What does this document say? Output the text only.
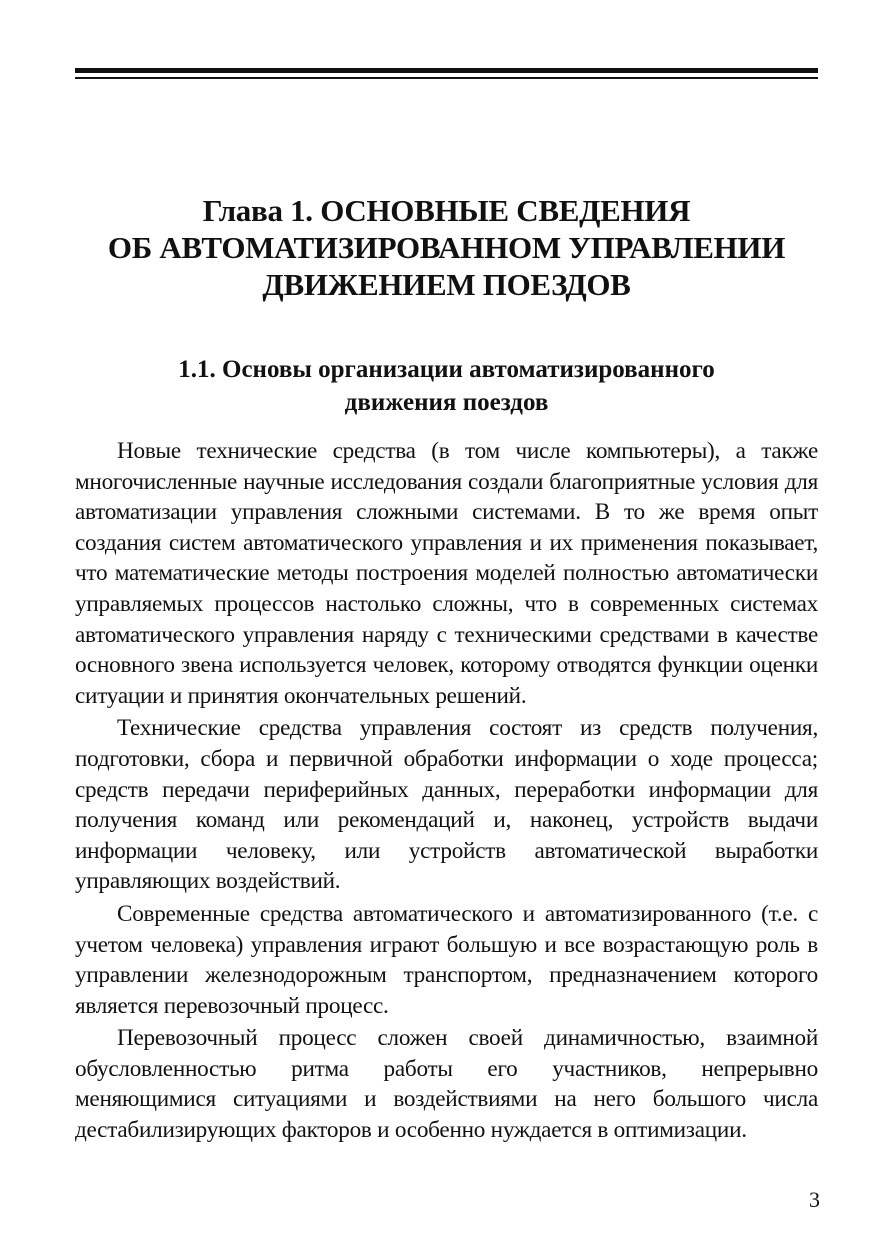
Глава 1. ОСНОВНЫЕ СВЕДЕНИЯ
ОБ АВТОМАТИЗИРОВАННОМ УПРАВЛЕНИИ
ДВИЖЕНИЕМ ПОЕЗДОВ
1.1. Основы организации автоматизированного
движения поездов

Новые технические средства (в том числе компьютеры), а также многочисленные научные исследования создали благоприятные условия для автоматизации управления сложными системами. В то же время опыт создания систем автоматического управления и их применения показывает, что математические методы построения моделей полностью автоматически управляемых процессов настолько сложны, что в современных системах автоматического управления наряду с техническими средствами в качестве основного звена используется человек, которому отводятся функции оценки ситуации и принятия окончательных решений.

Технические средства управления состоят из средств получения, подготовки, сбора и первичной обработки информации о ходе процесса; средств передачи периферийных данных, переработки информации для получения команд или рекомендаций и, наконец, устройств выдачи информации человеку, или устройств автоматической выработки управляющих воздействий.

Современные средства автоматического и автоматизированного (т.е. с учетом человека) управления играют большую и все возрастающую роль в управлении железнодорожным транспортом, предназначением которого является перевозочный процесс.

Перевозочный процесс сложен своей динамичностью, взаимной обусловленностью ритма работы его участников, непрерывно меняющимися ситуациями и воздействиями на него большого числа дестабилизирующих факторов и особенно нуждается в оптимизации.

3
